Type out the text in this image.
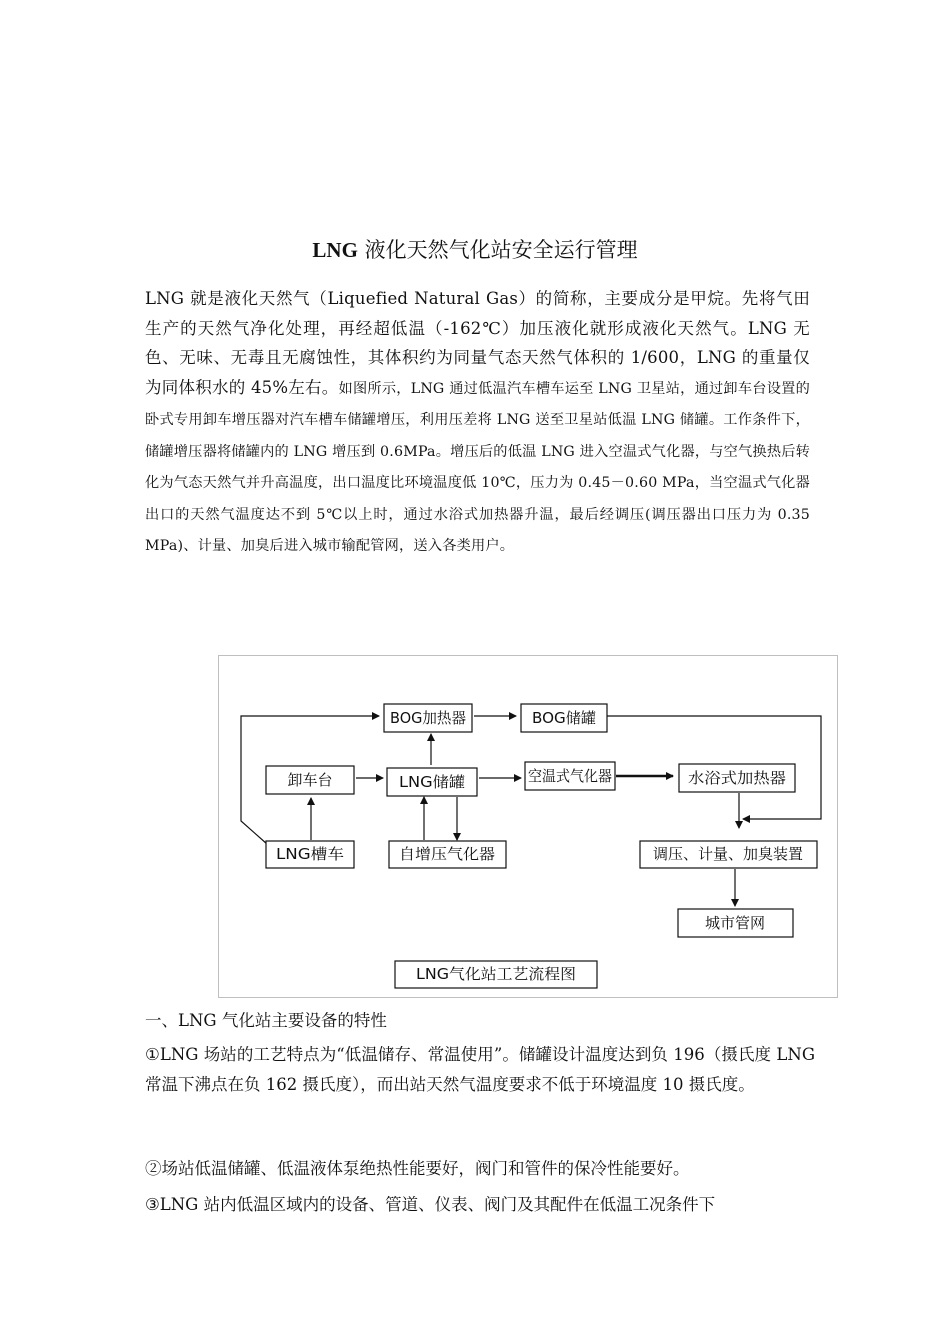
LNG 液化天然气化站安全运行管理

LNG 就是液化天然气（Liquefied Natural Gas）的简称，主要成分是甲烷。先将气田生产的天然气净化处理，再经超低温（-162℃）加压液化就形成液化天然气。LNG 无色、无味、无毒且无腐蚀性，其体积约为同量气态天然气体积的 1/600，LNG 的重量仅为同体积水的 45%左右。如图所示，LNG 通过低温汽车槽车运至 LNG 卫星站，通过卸车台设置的卧式专用卸车增压器对汽车槽车储罐增压，利用压差将 LNG 送至卫星站低温 LNG 储罐。工作条件下，储罐增压器将储罐内的 LNG 增压到 0.6MPa。增压后的低温 LNG 进入空温式气化器，与空气换热后转化为气态天然气并升高温度，出口温度比环境温度低 10℃，压力为 0.45－0.60 MPa，当空温式气化器出口的天然气温度达不到 5℃以上时，通过水浴式加热器升温，最后经调压(调压器出口压力为 0.35 MPa)、计量、加臭后进入城市输配管网，送入各类用户。

BOG加热器	BOG储罐
卸车台	LNG储罐	空温式气化器	水浴式加热器
LNG槽车	自增压气化器	调压、计量、加臭装置
城市管网
LNG气化站工艺流程图

一、LNG 气化站主要设备的特性

①LNG 场站的工艺特点为“低温储存、常温使用”。储罐设计温度达到负 196（摄氏度 LNG 常温下沸点在负 162 摄氏度），而出站天然气温度要求不低于环境温度 10 摄氏度。

②场站低温储罐、低温液体泵绝热性能要好，阀门和管件的保冷性能要好。

③LNG 站内低温区域内的设备、管道、仪表、阀门及其配件在低温工况条件下
